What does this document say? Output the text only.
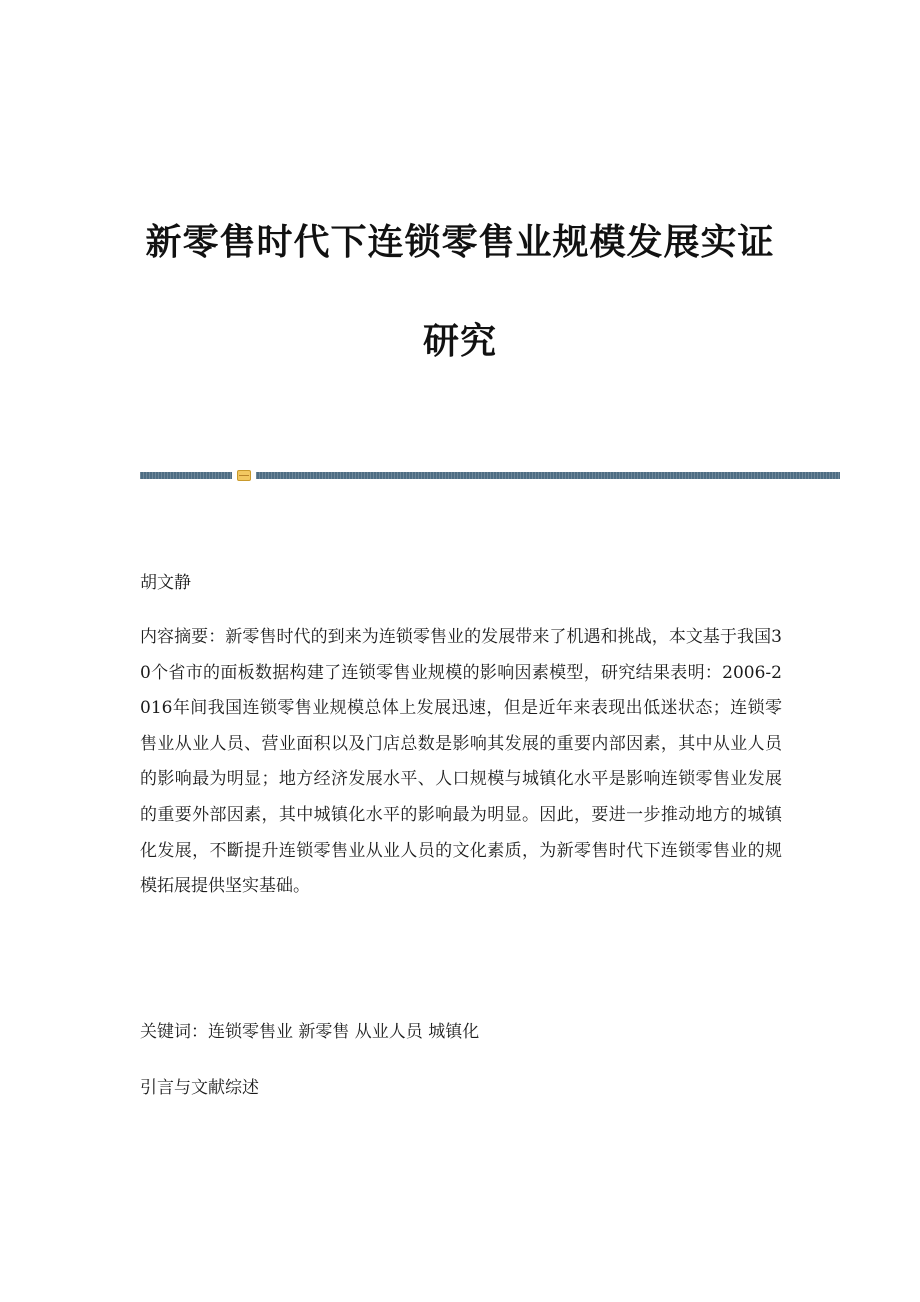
新零售时代下连锁零售业规模发展实证
研究

胡文静

内容摘要：新零售时代的到来为连锁零售业的发展带来了机遇和挑战，本文基于我国30个省市的面板数据构建了连锁零售业规模的影响因素模型，研究结果表明：2006-2016年间我国连锁零售业规模总体上发展迅速，但是近年来表现出低迷状态；连锁零售业从业人员、营业面积以及门店总数是影响其发展的重要内部因素，其中从业人员的影响最为明显；地方经济发展水平、人口规模与城镇化水平是影响连锁零售业发展的重要外部因素，其中城镇化水平的影响最为明显。因此，要进一步推动地方的城镇化发展，不斷提升连锁零售业从业人员的文化素质，为新零售时代下连锁零售业的规模拓展提供坚实基础。

关键词：连锁零售业 新零售 从业人员 城镇化

引言与文献综述
